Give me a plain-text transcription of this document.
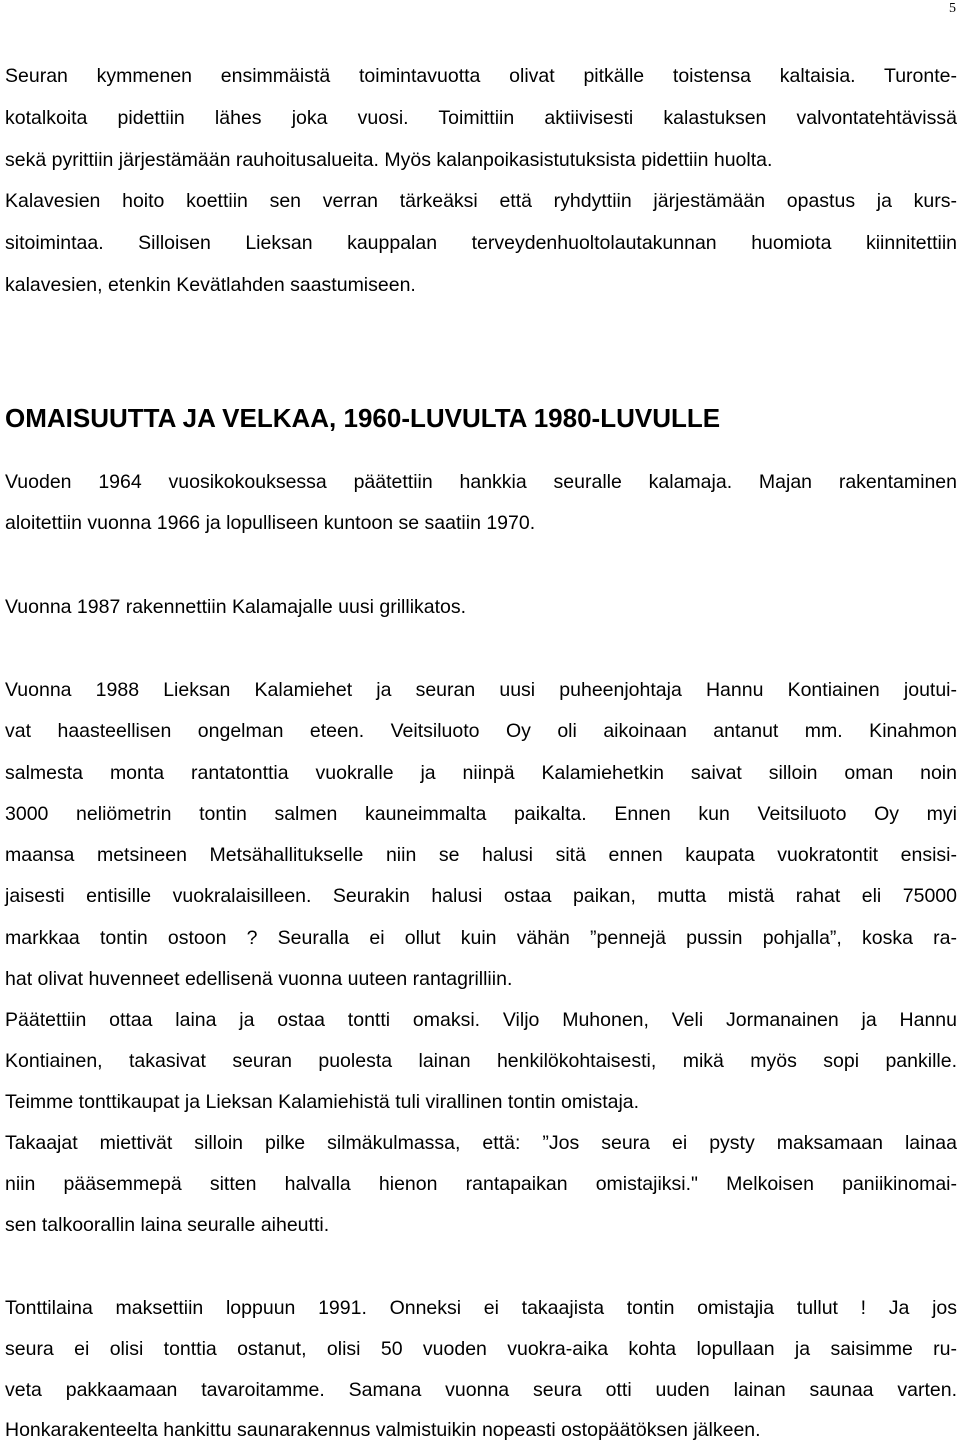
5

Seuran kymmenen ensimmäistä toimintavuotta olivat pitkälle toistensa kaltaisia. Turonte-

kotalkoita pidettiin lähes joka vuosi. Toimittiin aktiivisesti kalastuksen valvontatehtävissä

sekä pyrittiin järjestämään rauhoitusalueita. Myös kalanpoikasistutuksista pidettiin huolta.

Kalavesien hoito koettiin sen verran tärkeäksi että ryhdyttiin järjestämään opastus ja kurs-

sitoimintaa. Silloisen Lieksan kauppalan terveydenhuoltolautakunnan huomiota kiinnitettiin

kalavesien, etenkin Kevätlahden saastumiseen.

OMAISUUTTA JA VELKAA, 1960-LUVULTA 1980-LUVULLE

Vuoden 1964 vuosikokouksessa päätettiin hankkia seuralle kalamaja. Majan rakentaminen

aloitettiin vuonna 1966 ja lopulliseen kuntoon se saatiin 1970.

Vuonna 1987 rakennettiin Kalamajalle uusi grillikatos.

Vuonna 1988 Lieksan Kalamiehet ja seuran uusi puheenjohtaja Hannu Kontiainen joutui-

vat haasteellisen ongelman eteen. Veitsiluoto Oy oli aikoinaan antanut mm. Kinahmon

salmesta monta rantatonttia vuokralle ja niinpä Kalamiehetkin saivat silloin oman noin

3000 neliömetrin tontin salmen kauneimmalta paikalta. Ennen kun Veitsiluoto Oy myi

maansa metsineen Metsähallitukselle niin se halusi sitä ennen kaupata vuokratontit ensisi-

jaisesti entisille vuokralaisilleen. Seurakin halusi ostaa paikan, mutta mistä rahat eli 75000

markkaa tontin ostoon ? Seuralla ei ollut kuin vähän ”pennejä pussin pohjalla”, koska ra-

hat olivat huvenneet edellisenä vuonna uuteen rantagrilliin.

Päätettiin ottaa laina ja ostaa tontti omaksi. Viljo Muhonen, Veli Jormanainen ja Hannu

Kontiainen, takasivat seuran puolesta lainan henkilökohtaisesti, mikä myös sopi pankille.

Teimme tonttikaupat ja Lieksan Kalamiehistä tuli virallinen tontin omistaja.

Takaajat miettivät silloin pilke silmäkulmassa, että: ”Jos seura ei pysty maksamaan lainaa

niin pääsemmepä sitten halvalla hienon rantapaikan omistajiksi." Melkoisen paniikinomai-

sen talkoorallin laina seuralle aiheutti.

Tonttilaina maksettiin loppuun 1991. Onneksi ei takaajista tontin omistajia tullut ! Ja jos

seura ei olisi tonttia ostanut, olisi 50 vuoden vuokra-aika kohta lopullaan ja saisimme ru-

veta pakkaamaan tavaroitamme. Samana vuonna seura otti uuden lainan saunaa varten.

Honkarakenteelta hankittu saunarakennus valmistuikin nopeasti ostopäätöksen jälkeen.
